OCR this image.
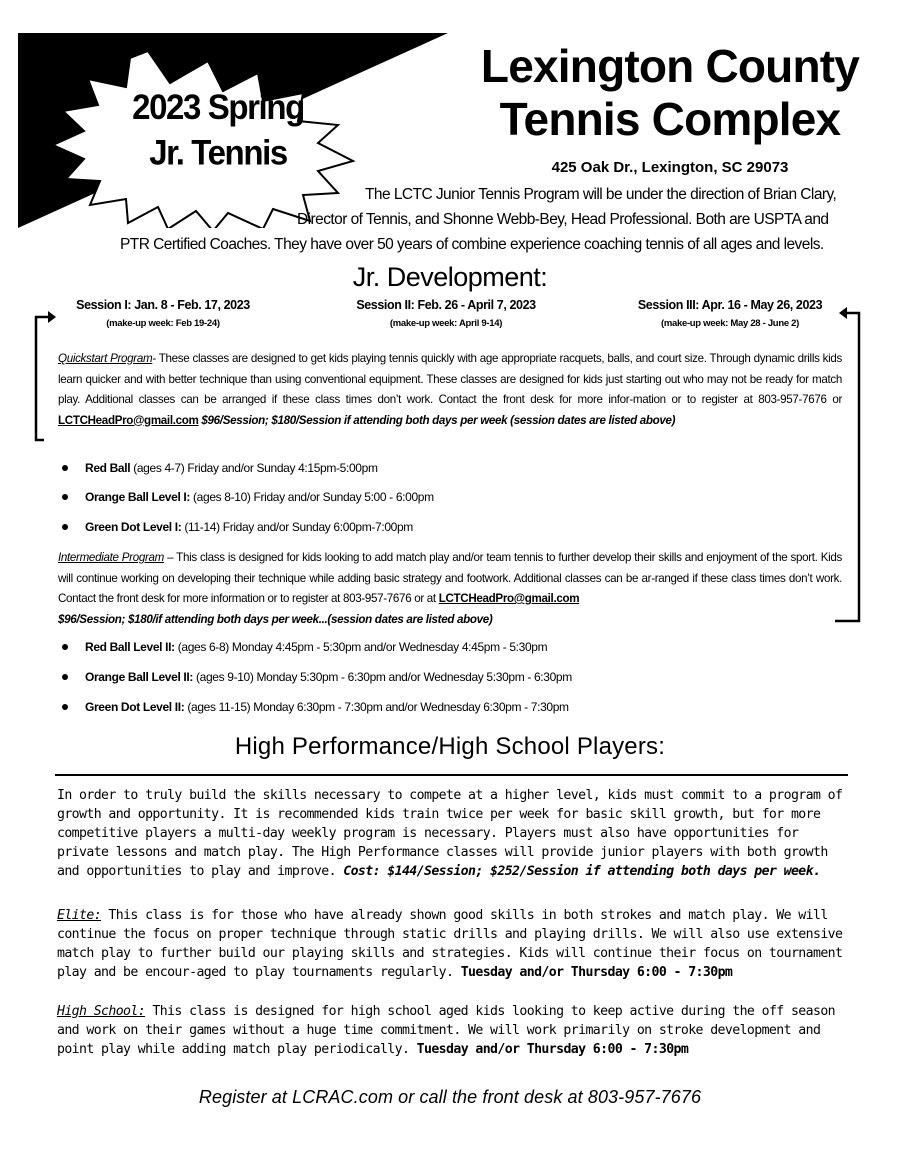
2023 Spring
Jr. Tennis
Lexington County
Tennis Complex
425 Oak Dr., Lexington, SC 29073
The LCTC Junior Tennis Program will be under the direction of Brian Clary,
Director of Tennis, and Shonne Webb-Bey, Head Professional. Both are USPTA and
PTR Certified Coaches. They have over 50 years of combine experience coaching tennis of all ages and levels.
Jr. Development:
Session I: Jan. 8 - Feb. 17, 2023
(make-up week: Feb 19-24)
Session II: Feb. 26 - April 7, 2023
(make-up week: April 9-14)
Session III: Apr. 16 - May 26, 2023
(make-up week: May 28 - June 2)
Quickstart Program- These classes are designed to get kids playing tennis quickly with age appropriate racquets, balls, and court size. Through dynamic drills kids learn quicker and with better technique than using conventional equipment. These classes are designed for kids just starting out who may not be ready for match play. Additional classes can be arranged if these class times don’t work. Contact the front desk for more infor-mation or to register at 803-957-7676 or LCTCHeadPro@gmail.com $96/Session; $180/Session if attending both days per week (session dates are listed above)
Red Ball (ages 4-7) Friday and/or Sunday 4:15pm-5:00pm
Orange Ball Level I: (ages 8-10) Friday and/or Sunday 5:00 - 6:00pm
Green Dot Level I: (11-14) Friday and/or Sunday 6:00pm-7:00pm
Intermediate Program – This class is designed for kids looking to add match play and/or team tennis to further develop their skills and enjoyment of the sport. Kids will continue working on developing their technique while adding basic strategy and footwork. Additional classes can be ar-ranged if these class times don’t work. Contact the front desk for more information or to register at 803-957-7676 or at LCTCHeadPro@gmail.com
$96/Session; $180/if attending both days per week...(session dates are listed above)
Red Ball Level II: (ages 6-8) Monday 4:45pm - 5:30pm and/or Wednesday 4:45pm - 5:30pm
Orange Ball Level II: (ages 9-10) Monday 5:30pm - 6:30pm and/or Wednesday 5:30pm - 6:30pm
Green Dot Level II: (ages 11-15) Monday 6:30pm - 7:30pm and/or Wednesday 6:30pm - 7:30pm
High Performance/High School Players:
In order to truly build the skills necessary to compete at a higher level, kids must commit to a program of growth and opportunity. It is recommended kids train twice per week for basic skill growth, but for more competitive players a multi-day weekly program is necessary. Players must also have opportunities for private lessons and match play. The High Performance classes will provide junior players with both growth and opportunities to play and improve. Cost: $144/Session; $252/Session if attending both days per week.
Elite: This class is for those who have already shown good skills in both strokes and match play. We will continue the focus on proper technique through static drills and playing drills. We will also use extensive match play to further build our playing skills and strategies. Kids will continue their focus on tournament play and be encour-aged to play tournaments regularly. Tuesday and/or Thursday 6:00 - 7:30pm
High School: This class is designed for high school aged kids looking to keep active during the off season and work on their games without a huge time commitment. We will work primarily on stroke development and point play while adding match play periodically. Tuesday and/or Thursday 6:00 - 7:30pm
Register at LCRAC.com or call the front desk at 803-957-7676
